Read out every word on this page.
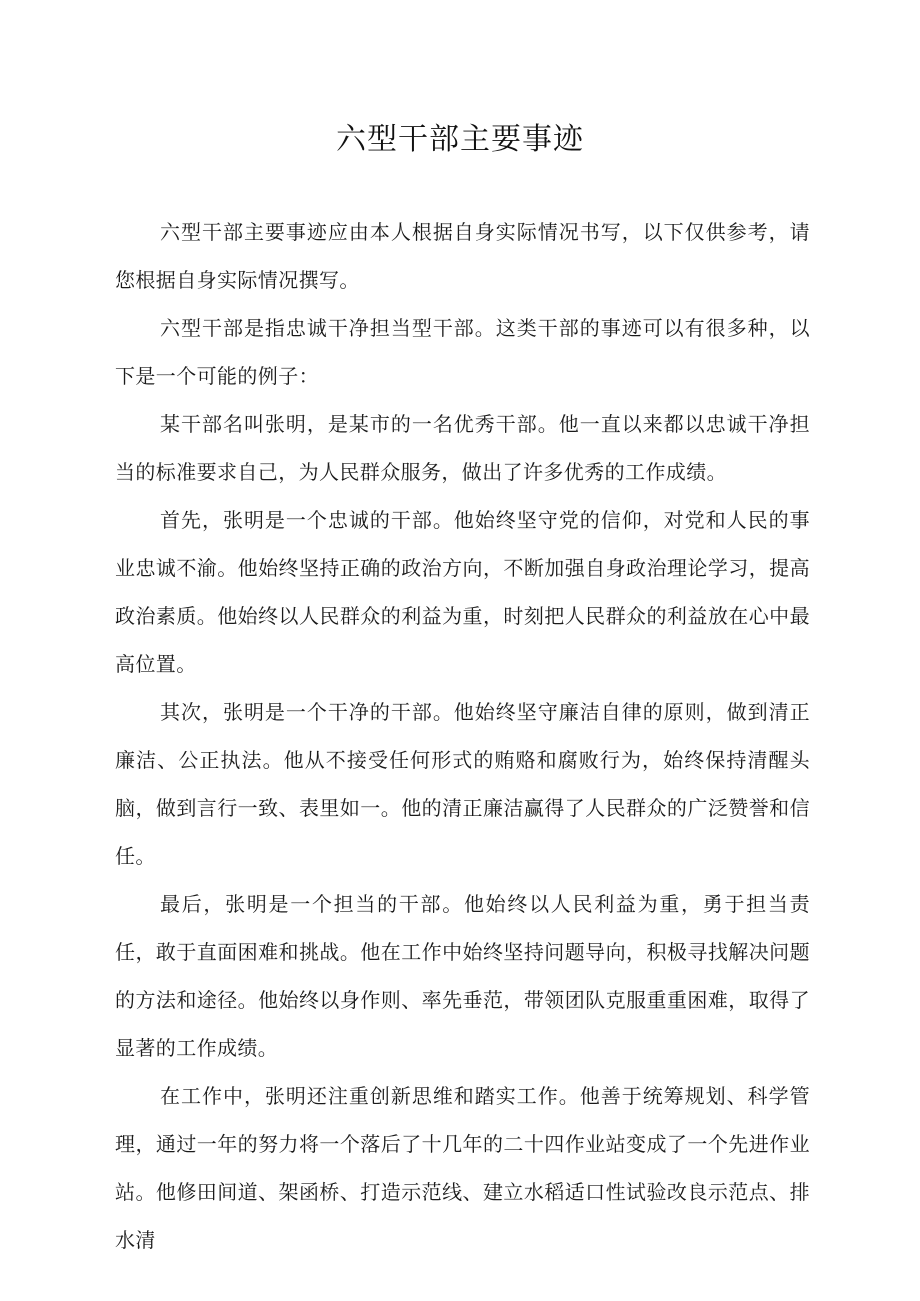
六型干部主要事迹

六型干部主要事迹应由本人根据自身实际情况书写，以下仅供参考，请您根据自身实际情况撰写。

六型干部是指忠诚干净担当型干部。这类干部的事迹可以有很多种，以下是一个可能的例子：

某干部名叫张明，是某市的一名优秀干部。他一直以来都以忠诚干净担当的标准要求自己，为人民群众服务，做出了许多优秀的工作成绩。

首先，张明是一个忠诚的干部。他始终坚守党的信仰，对党和人民的事业忠诚不渝。他始终坚持正确的政治方向，不断加强自身政治理论学习，提高政治素质。他始终以人民群众的利益为重，时刻把人民群众的利益放在心中最高位置。

其次，张明是一个干净的干部。他始终坚守廉洁自律的原则，做到清正廉洁、公正执法。他从不接受任何形式的贿赂和腐败行为，始终保持清醒头脑，做到言行一致、表里如一。他的清正廉洁赢得了人民群众的广泛赞誉和信任。

最后，张明是一个担当的干部。他始终以人民利益为重，勇于担当责任，敢于直面困难和挑战。他在工作中始终坚持问题导向，积极寻找解决问题的方法和途径。他始终以身作则、率先垂范，带领团队克服重重困难，取得了显著的工作成绩。

在工作中，张明还注重创新思维和踏实工作。他善于统筹规划、科学管理，通过一年的努力将一个落后了十几年的二十四作业站变成了一个先进作业站。他修田间道、架函桥、打造示范线、建立水稻适口性试验改良示范点、排水清
